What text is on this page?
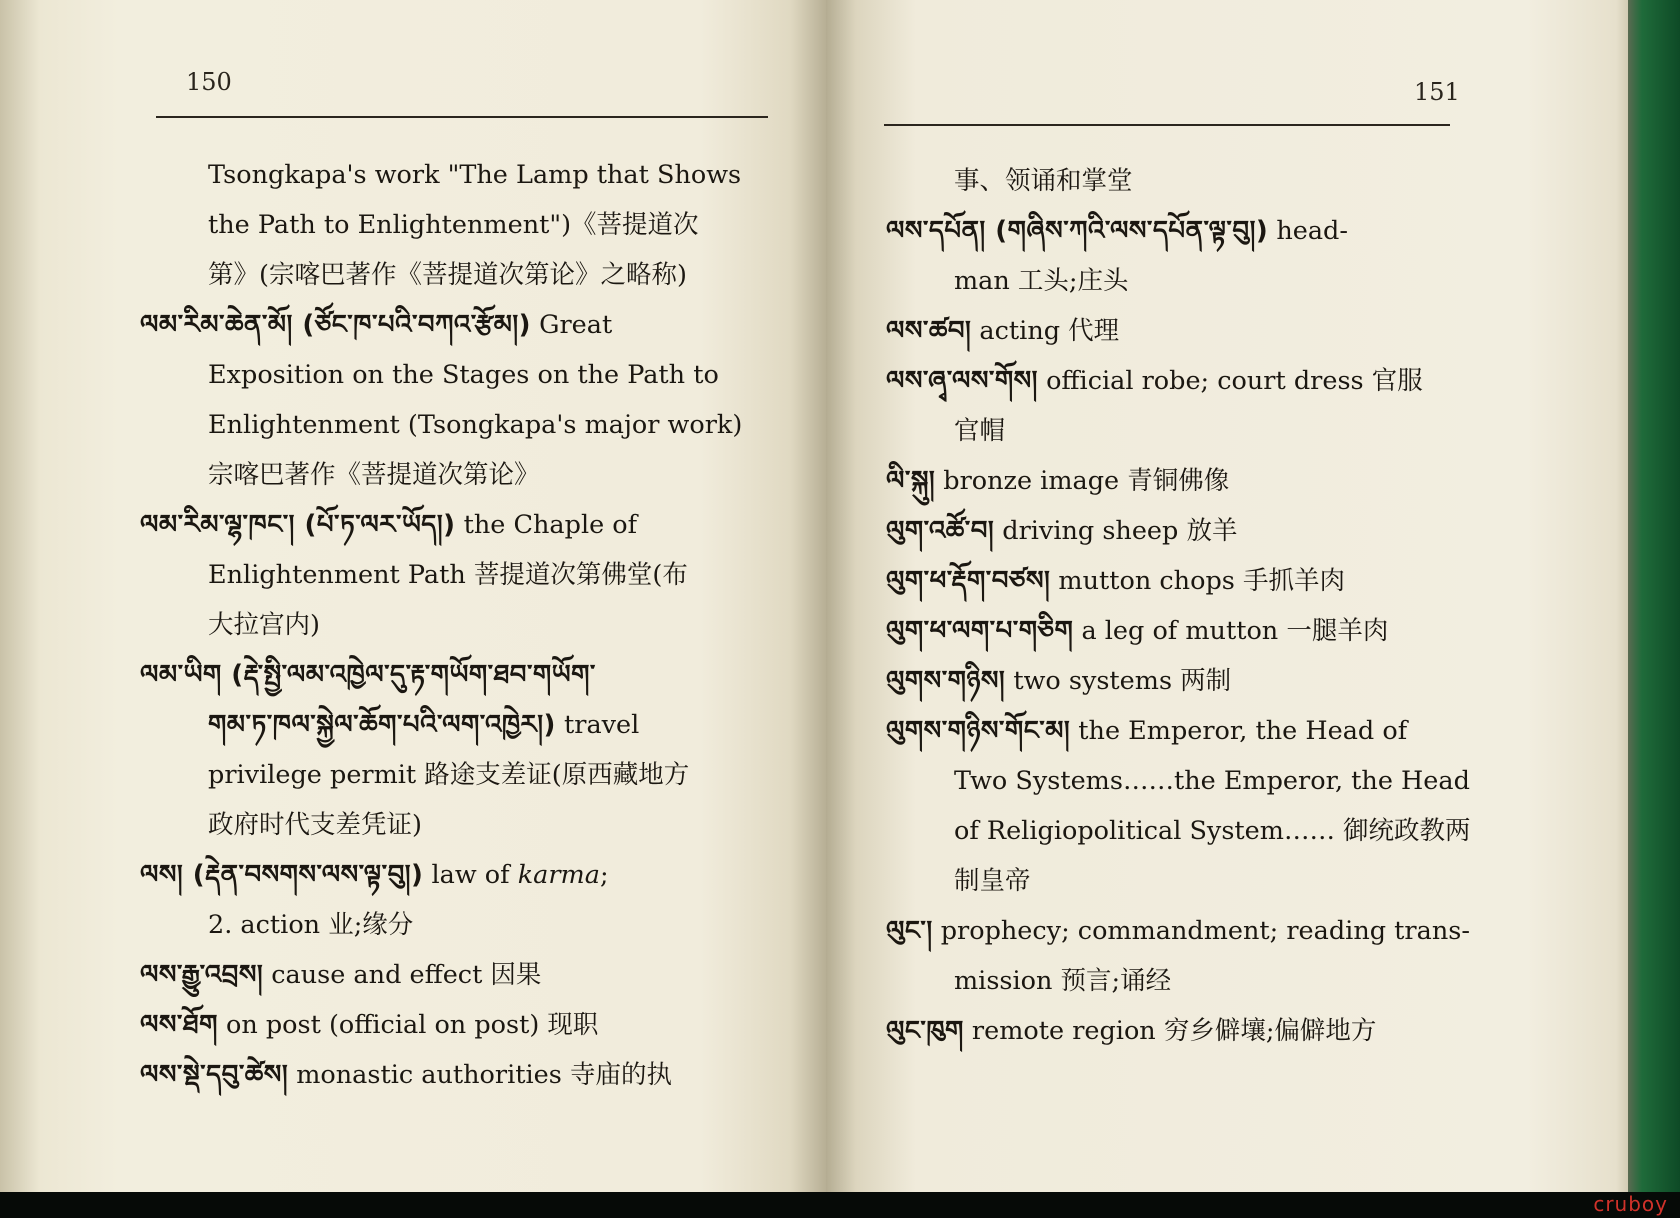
150

Tsongkapa's work "The Lamp that Shows

the Path to Enlightenment")《菩提道次

第》(宗喀巴著作《菩提道次第论》之略称)

ལམ་རིམ་ཆེན་མོ། (ཙོང་ཁ་པའི་བཀའ་རྩོམ།) Great

Exposition on the Stages on the Path to

Enlightenment (Tsongkapa's major work)

宗喀巴著作《菩提道次第论》

ལམ་རིམ་ལྷ་ཁང་། (པོ་ཏ་ལར་ཡོད།) the Chaple of

Enlightenment Path 菩提道次第佛堂(布

大拉宫内)

ལམ་ཡིག (རྡེ་སྤྱི་ལམ་འཁྱེལ་དུ་རྟ་གཡོག་ཐབ་གཡོག་

གམ་ཏ་ཁལ་སྐྱེལ་ཆོག་པའི་ལག་འཁྱེར།) travel

privilege permit 路途支差证(原西藏地方

政府时代支差凭证)

ལས། (རྡེན་བསགས་ལས་ལྟ་བུ།) law of karma;

2. action 业;缘分

ལས་རྒྱུ་འབྲས། cause and effect 因果

ལས་ཐོག on post (official on post) 现职

ལས་སྡེ་དབུ་ཚེས། monastic authorities 寺庙的执

151

事、领诵和掌堂

ལས་དཔོན། (གཞིས་ཀའི་ལས་དཔོན་ལྟ་བུ།) head-

man 工头;庄头

ལས་ཚབ། acting 代理

ལས་ཞྭ་ལས་གོས། official robe; court dress 官服

官帽

ལི་སྐུ། bronze image 青铜佛像

ལུག་འཚོ་བ། driving sheep 放羊

ལུག་ཕ་རྡོག་བཙས། mutton chops 手抓羊肉

ལུག་ཕ་ལག་པ་གཅིག a leg of mutton 一腿羊肉

ལུགས་གཉིས། two systems 两制

ལུགས་གཉིས་གོང་མ། the Emperor, the Head of

Two Systems……the Emperor, the Head

of Religiopolitical System…… 御统政教两

制皇帝

ལུང་། prophecy; commandment; reading trans-

mission 预言;诵经

ལུང་ཁུག remote region 穷乡僻壤;偏僻地方

cruboy
